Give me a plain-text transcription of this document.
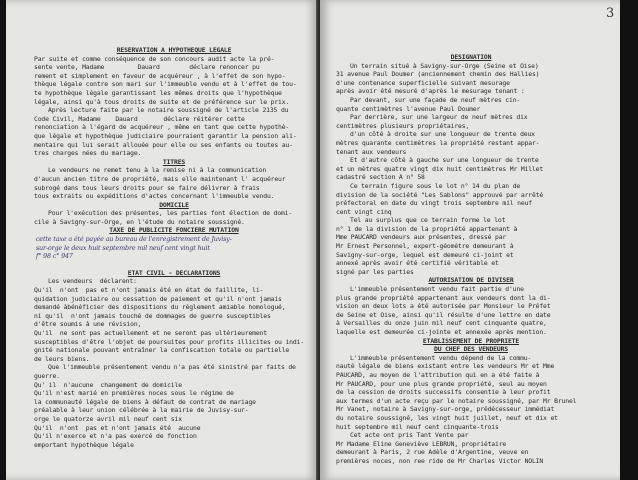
RESERVATION A HYPOTHEQUE LEGALE
Par suite et comme conséquence de son concours audit acte la pré-
sente vente, Madame         Dauard        déclare renoncer pu
rement et simplement en faveur de acquéreur , à l'effet de son hypo-
thèque légale contre son mari sur l'immeuble vendu et à l'effet de tou-
te hypothèque légale garantissant les mêmes droits que l'hypothèque
légale, ainsi qu'à tous droits de suite et de préférence sur le prix.
Après lecture faite par le notaire soussigné de l'article 2135 du
Code Civil, Madame    Dauard       déclare réitérer cette
renonciation à l'égard de acquéreur , même en tant que cette hypothè-
que légale et hypothèque judiciaire pourraient garantir la pension ali-
mentaire qui lui serait allouée pour elle ou ses enfants ou toutes au-
tres charges nées du mariage.
TITRES
Le vendeurs ne remet tenu à la remise ni à la communication
d'aucun ancien titre de propriété, mais elle maintenant l' acquéreur
subrogé dans tous leurs droits pour se faire délivrer à frais
tous extraits ou expéditions d'actes concernant l'immeuble vendu.
DOMICILE
Pour l'exécution des présentes, les parties font élection de domi-
cile à Savigny-sur-Orge, en l'étude du notaire soussigné.
TAXE DE PUBLICITE FONCIERE MUTATION
cette taxe a été payée au bureau de l'enregistrement de Juvisy-
sur-orge le deux huit septembre mil neuf cent vingt huit
f° 98 c° 947
ETAT CIVIL - DECLARATIONS
Les vendeurs  déclarent:
Qu'il  n'ont  pas et n'ont jamais été en état de faillite, li-
quidation judiciaire ou cessation de paiement et qu'il n'ont jamais
demandé àbénéficier des dispositions du règlement amiable homologué,
ni qu'il  n'ont jamais touché de dommages de guerre susceptibles
d'être soumis à une révision,
Qu'il  ne sont pas actuellement et ne seront pas ultérieurement
susceptibles d'être l'objet de poursuites pour profits illicites ou indi-
gnité nationale pouvant entraîner la confiscation totale ou partielle
de leurs biens.
Que l'immeuble présentement vendu n'a pas été sinistré par faits de
guerre.
Qu' il  n'aucune  changement de domicile
Qu'il n'est marié en premières noces sous le régime de
la communauté légale de biens à défaut de contrat de mariage
préalable à leur union célébrée à la mairie de Juvisy-sur-
orge le quatorze avril mil neuf cent six
Qu'il  n'ont  pas et n'ont jamais été  aucune
Qu'il n'exerce et n'a pas exercé de fonction
emportant hypothèque légale
3
DESIGNATION
Un terrain situé à Savigny-sur-Orge (Seine et Oise)
31 avenue Paul Doumer (anciennement chemin des Hallies)
d'une contenance superficielle suivant mesurage
après avoir été mesuré d'après le mesurage tenant :
Par devant, sur une façade de neuf mètres cin-
quante centimètres l'avenue Paul Doumer
Par derrière, sur une largeur de neuf mètres dix
centimètres plusieurs propriétaires,
d'un côté à droite sur une longueur de trente deux
mètres quarante centimètres la propriété restant appar-
tenant aux vendeurs
Et d'autre côté à gauche sur une longueur de trente
et un mètres quatre vingt dix huit centimètres Mr Millet
cadastré section A n° 58
Ce terrain figure sous le lot n° 14 du plan de
division de la société "Les Sablons" approuvé par arrêté
préfectoral en date du vingt trois septembre mil neuf
cent vingt cinq
Tel au surplus que ce terrain forme le lot
n° 1 de la division de la propriété appartenant à
Mme PAUCARD vendeurs aux présentes, dressé par
Mr Ernest Personnel, expert-géomètre demeurant à
Savigny-sur-orge, lequel est demeuré ci-joint et
annexé après avoir été certifié véritable et
signé par les parties
AUTORISATION DE DIVISER
L'immeuble présentement vendu fait partie d'une
plus grande propriété appartenant aux vendeurs dont la di-
vision en deux lots a été autorisée par Monsieur le Préfet
de Seine et Oise, ainsi qu'il résulte d'une lettre en date
à Versailles du onze juin mil neuf cent cinquante quatre,
laquelle est demeurée ci-jointe et annexée après mention.
ETABLISSEMENT DE PROPRIETE
DU CHEF DES VENDEURS
L'immeuble présentement vendu dépend de la commu-
nauté légale de biens existant entre les vendeurs Mr et Mme
PAUCARD, au moyen de l'attribution qui en a été faite à
Mr PAUCARD, pour une plus grande propriété, seul au moyen
de la cession de droits successifs consentie à leur profit
aux termes d'un acte reçu par le notaire soussigné, par Mr Brunel
Mr Vanet, notaire à Savigny-sur-orge, prédécesseur immédiat
du notaire soussigné, les vingt huit juillet, neuf et dix et
huit septembre mil neuf cent cinquante-trois
Cet acte ont pris Tant Vente par
Mr Madame Eline Geneviève LEBRUN, propriétaire
demeurant à Paris, 2 rue Adèle d'Argentine, veuve en
premières noces, non ree ride de Mr Charles Victor NOLIN
